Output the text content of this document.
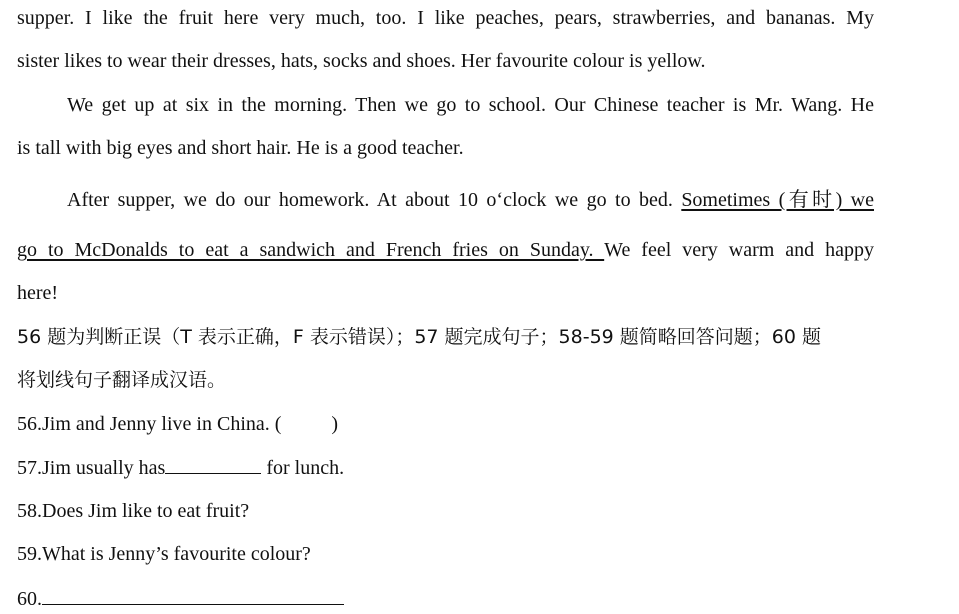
supper. I like the fruit here very much, too. I like peaches, pears, strawberries, and bananas. My
sister likes to wear their dresses, hats, socks and shoes. Her favourite colour is yellow.
We get up at six in the morning. Then we go to school. Our Chinese teacher is Mr. Wang. He
is tall with big eyes and short hair. He is a good teacher.
After supper, we do our homework. At about 10 o‘clock we go to bed. Sometimes (有时) we
go to McDonalds to eat a sandwich and French fries on Sunday. We feel very warm and happy
here!
56 题为判断正误（T 表示正确，F 表示错误）；57 题完成句子；58-59 题简略回答问题；60 题
将划线句子翻译成汉语。
56.Jim and Jenny live in China. (	)
57.Jim usually has	for lunch.
58.Does Jim like to eat fruit?
59.What is Jenny’s favourite colour?
60.
